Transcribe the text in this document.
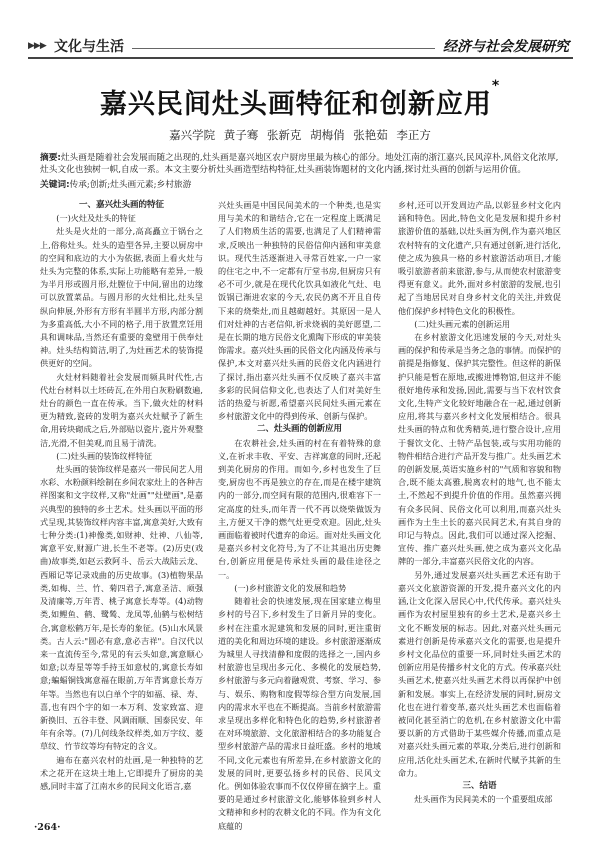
▶▶▶ 文化与生活	经济与社会发展研究
嘉兴民间灶头画特征和创新应用*
嘉兴学院 黄子骞 张新克 胡梅俏 张艳茹 李正方
摘要:灶头画是随着社会发展而随之出现的,灶头画是嘉兴地区农户厨房里最为核心的部分。地处江南的浙江嘉兴,民风淳朴,风俗文化浓厚,灶头文化也独树一帜,自成一系。本文主要分析灶头画造型结构特征,灶头画装饰题材的文化内涵,探讨灶头画的创新与运用价值。
关键词:传承;创新;灶头画元素;乡村旅游
一、嘉兴灶头画的特征
(一)火灶及灶头的特征

灶头是火灶的一部分,高高矗立于锅台之上,俗称灶头。灶头的造型各异,主要以厨房中的空间和底边的大小为依据,表面上看火灶与灶头为完整的体系,实际上功能略有差异,一般为半月形或圆月形,灶膛位于中间,留出的边缘可以放置菜品。与圆月形的火灶相比,灶头呈纵向伸展,外形有方形有半圆半方形,内部分割为多重高低,大小不同的格子,用于放置烹饪用具和调味品,当然还有重要的龛壁用于供奉灶神。灶头结构简洁,明了,为灶画艺术的装饰提供更好的空间。

火灶材料随着社会发展而频具时代性,古代灶台材料以土坯砖瓦,在外用白灰粉刷数遍,灶台的颜色一直在传承。当下,做火灶的材料更为精致,瓷砖的发明为嘉兴火灶赋予了新生命,用砖块砌成之后,外部贴以瓷片,瓷片外观整洁,光滑,不但美观,而且易于清洗。

(二)灶头画的装饰纹样特征

灶头画的装饰纹样是嘉兴一带民间艺人用水彩、水粉颜料绘制在乡间农家灶上的各种吉祥图案和文字纹样,又称"灶画""灶壁画",是嘉兴典型的独特的乡土艺术。灶头画以平面的形式呈现,其装饰纹样内容丰富,寓意美好,大致有七种分类:(1)神像类,如财神、灶神、八仙等,寓意平安,财源广进,长生不老等。(2)历史(戏曲)故事类,如赵云救阿斗、岳云大战陆云龙、西厢记等记录戏曲的历史故事。(3)植物果品类,如梅、兰、竹、菊四君子,寓意圣洁、顽强及清廉等,万年青、桃子寓意长寿等。(4)动物类,如鲤鱼、鹤、鹭鸶、龙凤等,仙鹤与松树结合,寓意松鹤万年,是长寿的象征。(5)山水风景类。古人云:"圆必有意,意必吉祥"。自汉代以来一直流传至今,常见的有云头如意,寓意顺心如意;以寿星等等手持玉如意杖的,寓意长寿如意;蝙蝠铜钱寓意福在眼前,万年青寓意长寿万年等。当然也有以白单个字的如福、禄、寿、喜,也有四个字的如一本万利、发家致富、迎新换旧、五谷丰登、风调雨顺、国泰民安、年年有余等。(7)几何线条纹样类,如万字纹、菱草纹、竹节纹等均有特定的含义。

遍布在嘉兴农村的灶画,是一种独特的艺术之花开在这块土地上,它即提升了厨房的美感,同时丰富了江南水乡的民间文化语言,嘉

兴灶头画是中国民间美术的一个种类,也是实用与美术的和谐结合,它在一定程度上既满足了人们物质生活的需要,也满足了人们精神需求,反映出一种独特的民俗信仰内涵和审美意识。现代生活逐渐进入寻常百姓家,一户一家的住宅之中,不一定都有厅堂书房,但厨房只有必不可少,就是在现代化饮具如液化气灶、电饭锅已渐进农家的今天,农民仍离不开且自传下来的烧柴灶,而且越砌越好。其原因一是人们对灶神的古老信仰,祈求烧祸的美好愿望,二是在长期的地方民俗文化熏陶下形成的审美装饰需求。嘉兴灶头画的民俗文化内涵及传承与保护,本文对嘉兴灶头画的民俗文化内涵进行了探讨,指出嘉兴灶头画不仅反映了嘉兴丰富多彩的民间信仰文化,也表达了人们对美好生活的热爱与祈愿,希望嘉兴民间灶头画元素在乡村旅游文化中的得到传承、创新与保护。

二、灶头画的创新应用

在农耕社会,灶头画的村在有着特殊的意义,在祈求丰收、平安、吉祥寓意的同时,还起到美化厨房的作用。而如今,乡村也发生了巨变,厨房也不再是独立的存在,而是在楼宇建筑内的一部分,而空间有限的范围内,很难容下一定高度的灶头,而年青一代不再以烧柴做饭为主,方便又干净的燃气灶更受欢迎。因此,灶头画面临着被时代遗弃的命运。面对灶头画文化是嘉兴乡村文化符号,为了不让其退出历史舞台,创新应用便是传承灶头画的最佳途径之一。

(一)乡村旅游文化的发展和趋势

随着社会的快速发展,现在国家建立梅里乡村的号召下,乡村发生了日新月异的变化。乡村在注重水泥建筑和发展的同时,更注重街道的美化和周边环境的建设。乡村旅游逐渐成为城里人寻找清静和度假的选择之一,国内乡村旅游也呈现出多元化、多模化的发展趋势,乡村旅游与多元向着融观赏、考察、学习、参与、娱乐、购物和度假等综合型方向发展,国内的需求水平也在不断提高。当前乡村旅游需求呈现出多样化和特色化的趋势,乡村旅游者在对环境旅游、文化旅游相结合的多功能复合型乡村旅游产品的需求日益旺盛。乡村的地域不同,文化元素也有所差异,在乡村旅游文化的发展的同时,更要弘扬乡村的民俗、民风文化。例如体验农事而不仅仅停留在摘字上。重要的是通过乡村旅游文化,能够体验到乡村人文精神和乡村的农耕文化的不同。作为有文化底蕴的

乡村,还可以开发周边产品,以彰显乡村文化内涵和特色。因此,特色文化是发展和提升乡村旅游价值的基础,以灶头画为例,作为嘉兴地区农村特有的文化遗产,只有通过创新,进行活化,使之成为独具一格的乡村旅游活动项目,才能吸引旅游者前来旅游,参与,从而使农村旅游变得更有意义。此外,面对乡村旅游的发展,也引起了当地居民对自身乡村文化的关注,并致促他们保护乡村特色文化的积极性。

(二)灶头画元素的创新运用

在乡村旅游文化迅速发展的今天,对灶头画的保护和传承是当务之急的事情。而保护的前提是指修复、保护其完整性。但这样的新保护只能是暂在原地,或搬进博物馆,但这并不能很好地传承和发扬,因此,需要与当下农村饮食文化,生特产文化较好地融合在一起,通过创新应用,将其与嘉兴乡村文化发展相结合。很具灶头画的特点和优秀精英,进行整合设计,应用于餐饮文化、土特产品包装,或与实用功能的物件相结合进行产品开发与推广。灶头画艺术的创新发展,英语实施乡村的"气质和容貌和物合,既不能太高雅,脱离农村的地气,也不能太土,不然起不到提升价值的作用。虽然嘉兴拥有众多民间、民俗文化可以利用,而嘉兴灶头画作为土生土长的嘉兴民间艺术,有其自身的印记与特点。因此,我们可以通过深入挖掘、宣传、推广嘉兴灶头画,使之成为嘉兴文化品牌的一部分,丰富嘉兴民俗文化的内容。

另外,通过发展嘉兴灶头画艺术还有助于嘉兴文化旅游资源的开发,提升嘉兴文化的内涵,让文化深入居民心中,代代传承。嘉兴灶头画作为农村屋里独有的乡土艺术,是嘉兴乡土文化不断发展的标志。因此,对嘉兴灶头画元素进行创新是传承嘉兴文化的需要,也是提升乡村文化品位的重要一环,同时灶头画艺术的创新应用是传播乡村文化的方式。传承嘉兴灶头画艺术,使嘉兴灶头画艺术得以再保护中创新和发展。事实上,在经济发展的同时,厨房文化也在进行着变革,嘉兴灶头画艺术也面临着被同化甚至消亡的危机,在乡村旅游文化中需要以新的方式借助于某些媒介传播,而重点是对嘉兴灶头画元素的萃取,分类后,进行创新和应用,活化灶头画艺术,在新时代赋予其新的生命力。

三、结语

灶头画作为民间美术的一个重要组成部

·264·
